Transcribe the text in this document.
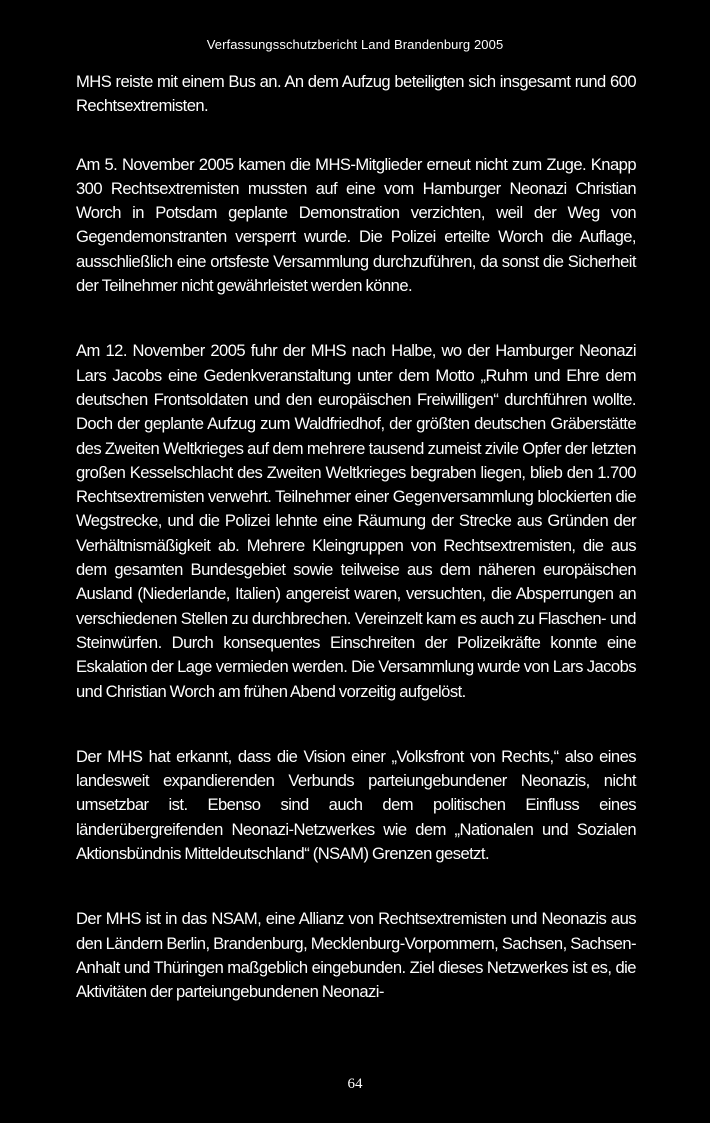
Verfassungsschutzbericht Land Brandenburg 2005

MHS reiste mit einem Bus an. An dem Aufzug beteiligten sich insgesamt rund 600 Rechtsextremisten.

Am 5. November 2005 kamen die MHS-Mitglieder erneut nicht zum Zuge. Knapp 300 Rechtsextremisten mussten auf eine vom Hamburger Neonazi Christian Worch in Potsdam geplante Demonstration verzichten, weil der Weg von Gegendemonstranten versperrt wurde. Die Polizei erteilte Worch die Auflage, ausschließlich eine ortsfeste Versammlung durchzuführen, da sonst die Sicherheit der Teilnehmer nicht gewährleistet werden könne.

Am 12. November 2005 fuhr der MHS nach Halbe, wo der Hamburger Neonazi Lars Jacobs eine Gedenkveranstaltung unter dem Motto „Ruhm und Ehre dem deutschen Frontsoldaten und den europäischen Freiwilligen“ durchführen wollte. Doch der geplante Aufzug zum Waldfriedhof, der größten deutschen Gräberstätte des Zweiten Weltkrieges auf dem mehrere tausend zumeist zivile Opfer der letzten großen Kesselschlacht des Zweiten Weltkrieges begraben liegen, blieb den 1.700 Rechtsextremisten verwehrt. Teilnehmer einer Gegenversammlung blockierten die Wegstrecke, und die Polizei lehnte eine Räumung der Strecke aus Gründen der Verhältnismäßigkeit ab. Mehrere Kleingruppen von Rechtsextremisten, die aus dem gesamten Bundesgebiet sowie teilweise aus dem näheren europäischen Ausland (Niederlande, Italien) angereist waren, versuchten, die Absperrungen an verschiedenen Stellen zu durchbrechen. Vereinzelt kam es auch zu Flaschen- und Steinwürfen. Durch konsequentes Einschreiten der Polizeikräfte konnte eine Eskalation der Lage vermieden werden. Die Versammlung wurde von Lars Jacobs und Christian Worch am frühen Abend vorzeitig aufgelöst.

Der MHS hat erkannt, dass die Vision einer „Volksfront von Rechts,“ also eines landesweit expandierenden Verbunds parteiungebundener Neonazis, nicht umsetzbar ist. Ebenso sind auch dem politischen Einfluss eines länderübergreifenden Neonazi-Netzwerkes wie dem „Nationalen und Sozialen Aktionsbündnis Mitteldeutschland“ (NSAM) Grenzen gesetzt.

Der MHS ist in das NSAM, eine Allianz von Rechtsextremisten und Neonazis aus den Ländern Berlin, Brandenburg, Mecklenburg-Vorpommern, Sachsen, Sachsen-Anhalt und Thüringen maßgeblich eingebunden. Ziel dieses Netzwerkes ist es, die Aktivitäten der parteiungebundenen Neonazi-

64
